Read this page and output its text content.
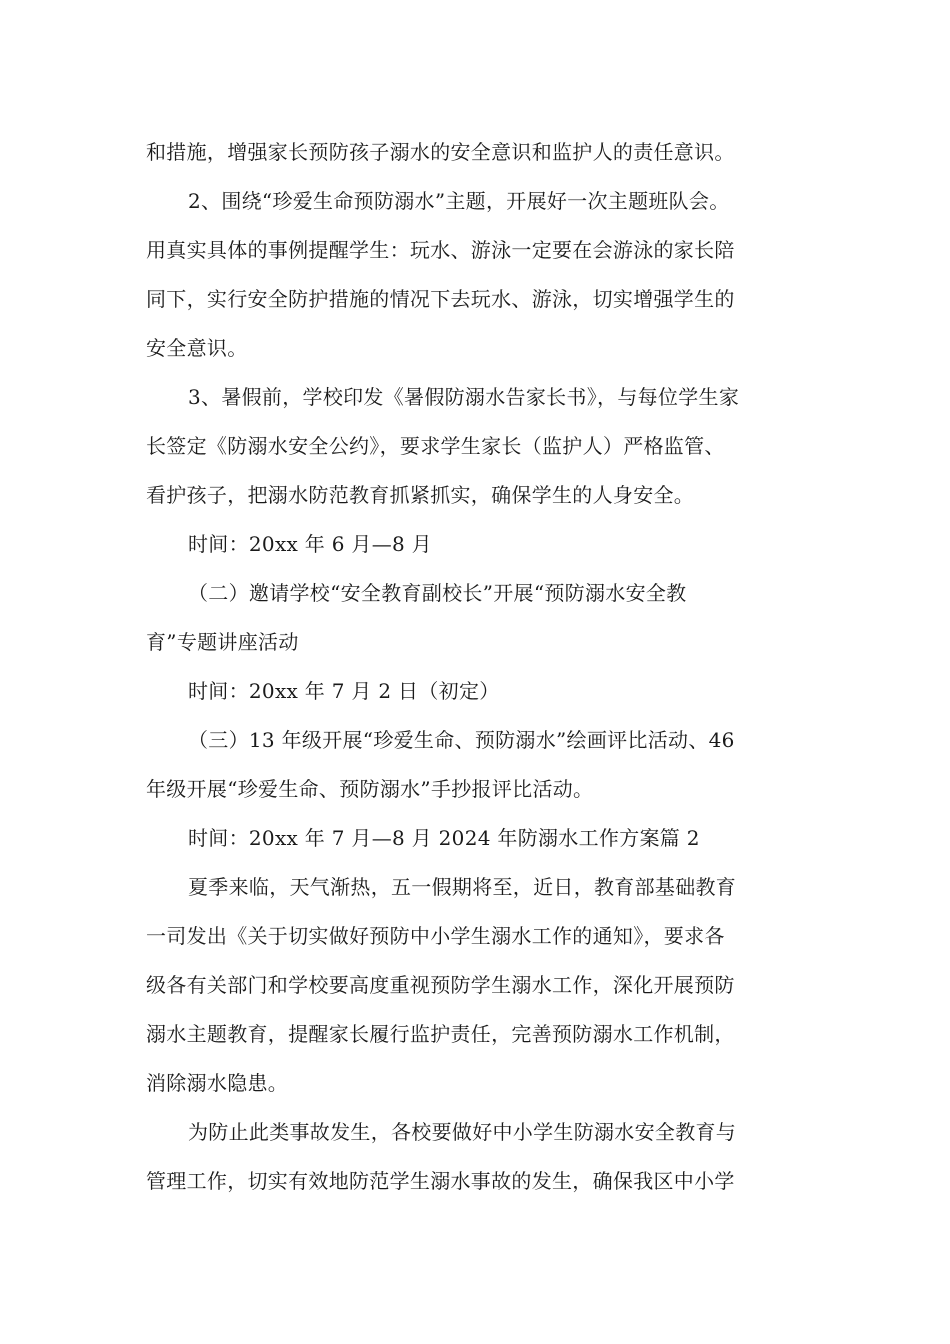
和措施，增强家长预防孩子溺水的安全意识和监护人的责任意识。
2、围绕“珍爱生命预防溺水”主题，开展好一次主题班队会。
用真实具体的事例提醒学生：玩水、游泳一定要在会游泳的家长陪
同下，实行安全防护措施的情况下去玩水、游泳，切实增强学生的
安全意识。
3、暑假前，学校印发《暑假防溺水告家长书》，与每位学生家
长签定《防溺水安全公约》，要求学生家长（监护人）严格监管、
看护孩子，把溺水防范教育抓紧抓实，确保学生的人身安全。
时间：20xx 年 6 月—8 月
（二）邀请学校“安全教育副校长”开展“预防溺水安全教
育”专题讲座活动
时间：20xx 年 7 月 2 日（初定）
（三）13 年级开展“珍爱生命、预防溺水”绘画评比活动、46
年级开展“珍爱生命、预防溺水”手抄报评比活动。
时间：20xx 年 7 月—8 月 2024 年防溺水工作方案篇 2
夏季来临，天气渐热，五一假期将至，近日，教育部基础教育
一司发出《关于切实做好预防中小学生溺水工作的通知》，要求各
级各有关部门和学校要高度重视预防学生溺水工作，深化开展预防
溺水主题教育，提醒家长履行监护责任，完善预防溺水工作机制，
消除溺水隐患。
为防止此类事故发生，各校要做好中小学生防溺水安全教育与
管理工作，切实有效地防范学生溺水事故的发生，确保我区中小学
